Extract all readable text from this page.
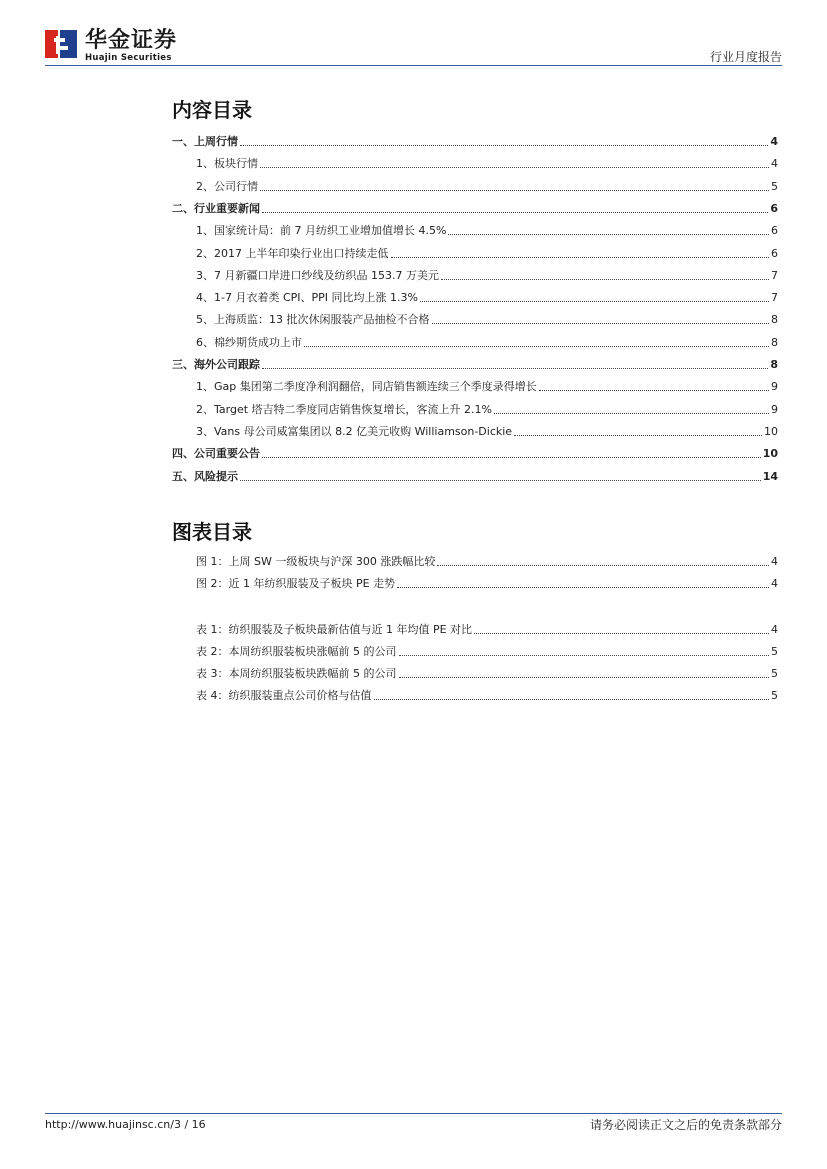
华金证券
Huajin Securities	行业月度报告
内容目录
一、上周行情	4
1、板块行情	4
2、公司行情	5
二、行业重要新闻	6
1、国家统计局：前 7 月纺织工业增加值增长 4.5%	6
2、2017 上半年印染行业出口持续走低	6
3、7 月新疆口岸进口纱线及纺织品 153.7 万美元	7
4、1-7 月衣着类 CPI、PPI 同比均上涨 1.3%	7
5、上海质监：13 批次休闲服装产品抽检不合格	8
6、棉纱期货成功上市	8
三、海外公司跟踪	8
1、Gap 集团第二季度净利润翻倍，同店销售额连续三个季度录得增长	9
2、Target 塔吉特二季度同店销售恢复增长，客流上升 2.1%	9
3、Vans 母公司威富集团以 8.2 亿美元收购 Williamson-Dickie	10
四、公司重要公告	10
五、风险提示	14
图表目录
图 1：上周 SW 一级板块与沪深 300 涨跌幅比较	4
图 2：近 1 年纺织服装及子板块 PE 走势	4
表 1：纺织服装及子板块最新估值与近 1 年均值 PE 对比	4
表 2：本周纺织服装板块涨幅前 5 的公司	5
表 3：本周纺织服装板块跌幅前 5 的公司	5
表 4：纺织服装重点公司价格与估值	5
http://www.huajinsc.cn/3 / 16	请务必阅读正文之后的免责条款部分
